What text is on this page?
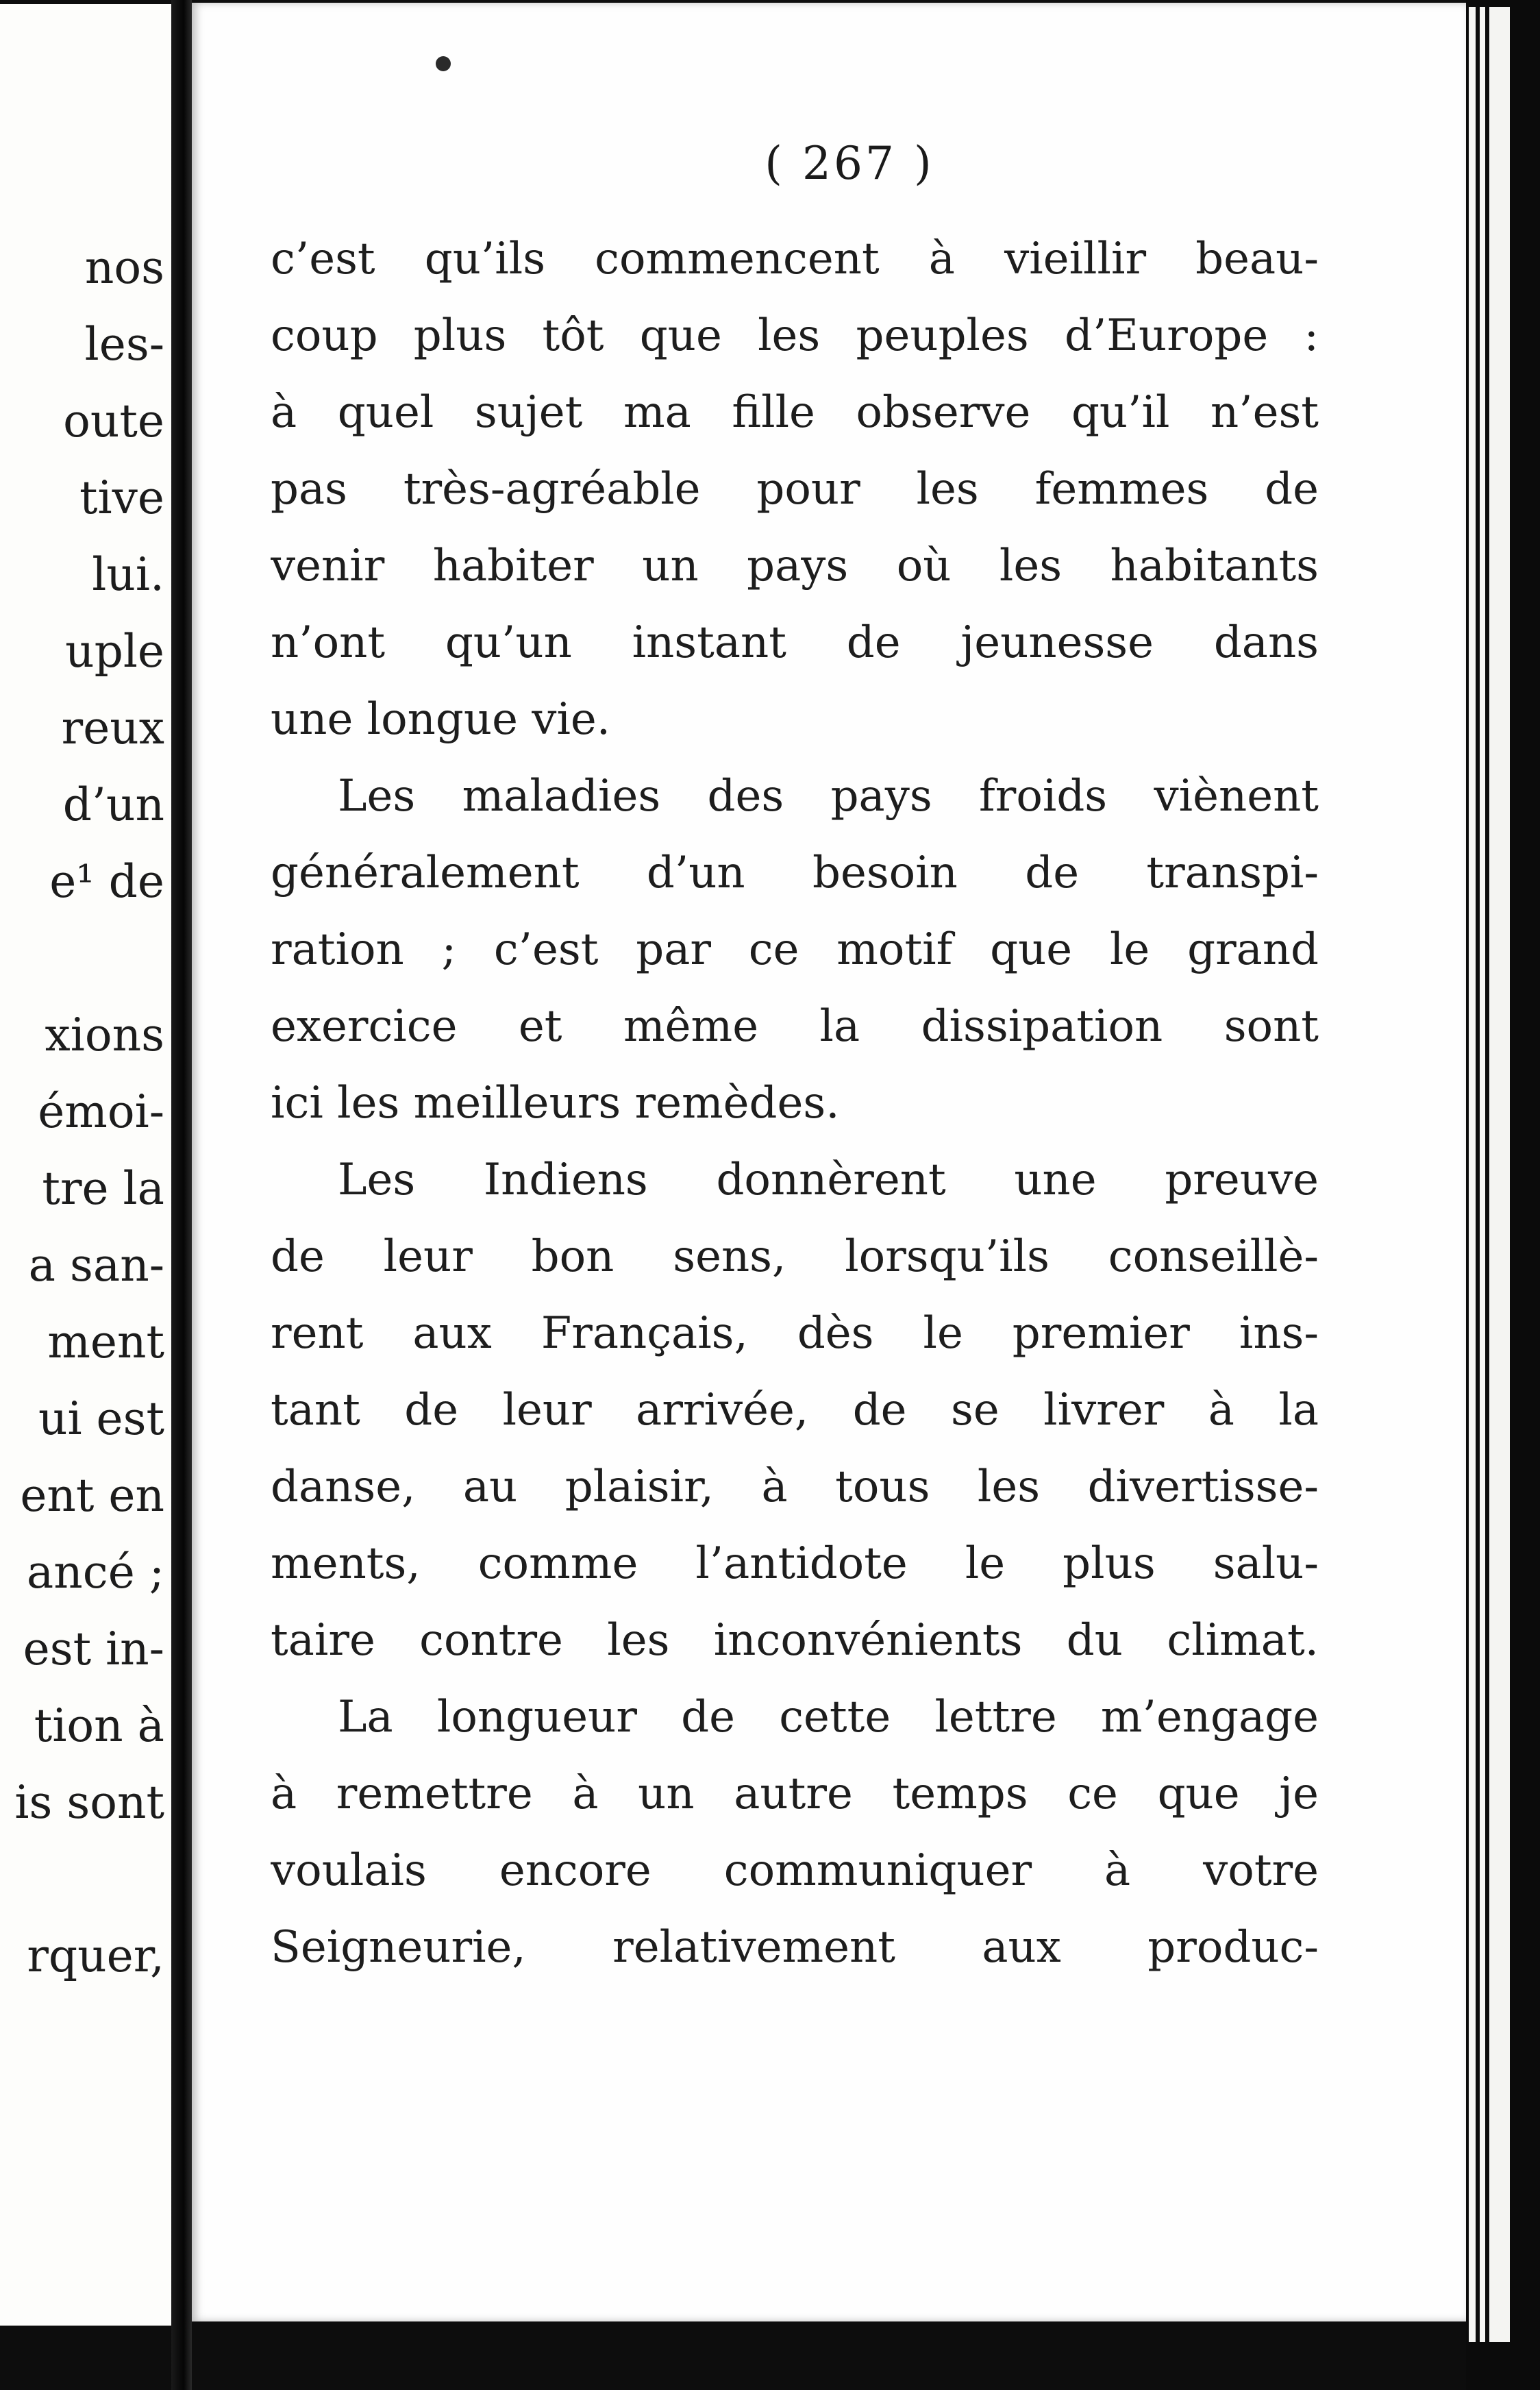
nos
les-
oute
tive
lui.
uple
reux
d’un
e¹ de
xions
émoi-
tre la
a san-
ment
ui est
ent en
ancé ;
est in-
tion à
is sont
rquer,
( 267 )
c’est qu’ils commencent à vieillir beau-
coup plus tôt que les peuples d’Europe :
à quel sujet ma fille observe qu’il n’est
pas très-agréable pour les femmes de
venir habiter un pays où les habitants
n’ont qu’un instant de jeunesse dans
une longue vie.
Les maladies des pays froids viènent
généralement d’un besoin de transpi-
ration ; c’est par ce motif que le grand
exercice et même la dissipation sont
ici les meilleurs remèdes.
Les Indiens donnèrent une preuve
de leur bon sens, lorsqu’ils conseillè-
rent aux Français, dès le premier ins-
tant de leur arrivée, de se livrer à la
danse, au plaisir, à tous les divertisse-
ments, comme l’antidote le plus salu-
taire contre les inconvénients du climat.
La longueur de cette lettre m’engage
à remettre à un autre temps ce que je
voulais encore communiquer à votre
Seigneurie, relativement aux produc-
